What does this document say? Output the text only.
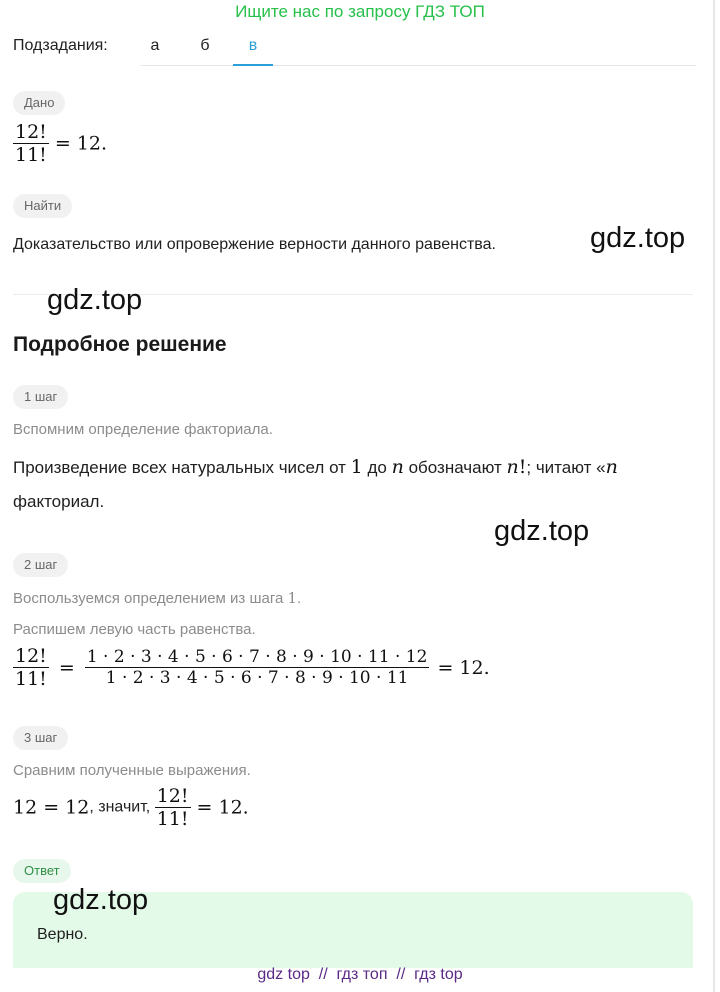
Ищите нас по запросу ГДЗ ТОП
Подзадания:	а	б	в
Дано
$\frac{12!}{11!} = 12$.
Найти
Доказательство или опровержение верности данного равенства.	gdz.top
gdz.top
Подробное решение
1 шаг
Вспомним определение факториала.
Произведение всех натуральных чисел от 1 до n обозначают n!; читают «n
факториал.
gdz.top
2 шаг
Воспользуемся определением из шага 1.
Распишем левую часть равенства.
$\frac{12!}{11!} = \frac{1 \cdot 2 \cdot 3 \cdot 4 \cdot 5 \cdot 6 \cdot 7 \cdot 8 \cdot 9 \cdot 10 \cdot 11 \cdot 12}{1 \cdot 2 \cdot 3 \cdot 4 \cdot 5 \cdot 6 \cdot 7 \cdot 8 \cdot 9 \cdot 10 \cdot 11} = 12$.
3 шаг
Сравним полученные выражения.
12 = 12, значит, $\frac{12!}{11!} = 12$.
Ответ
Верно.
gdz.top
gdz top  //  гдз топ  //  гдз top
